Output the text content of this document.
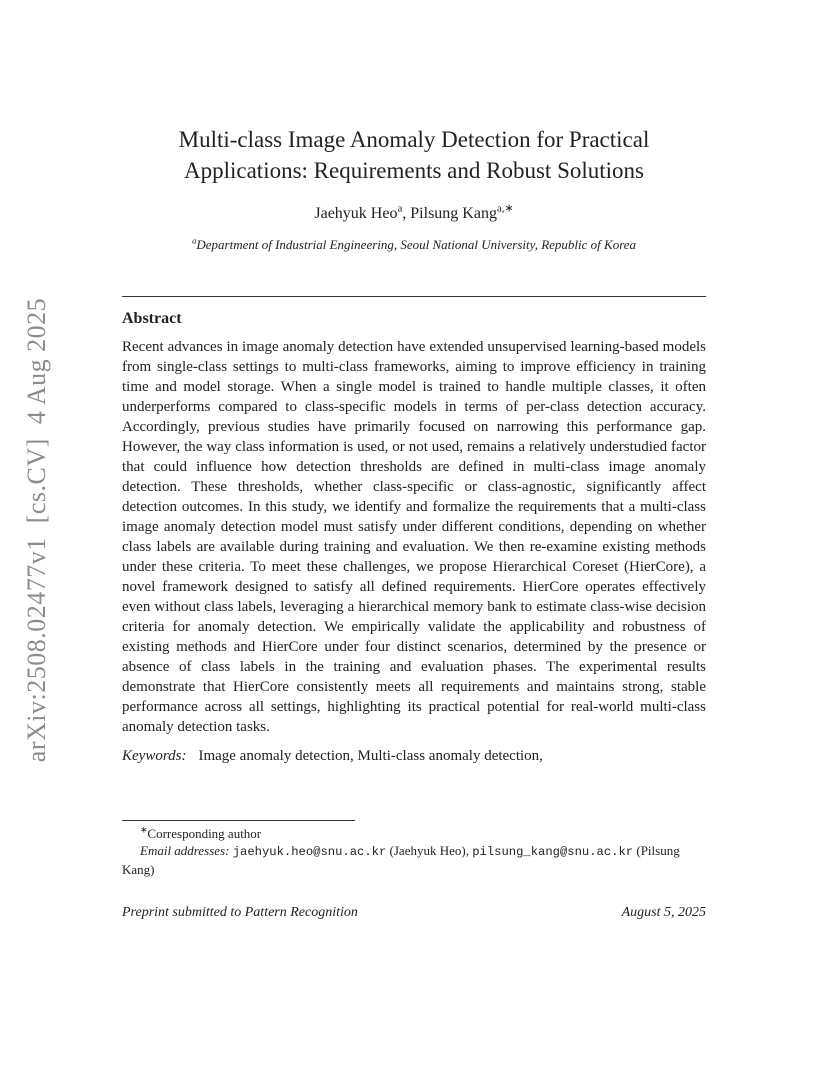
arXiv:2508.02477v1  [cs.CV]  4 Aug 2025
Multi-class Image Anomaly Detection for Practical
Applications: Requirements and Robust Solutions
Jaehyuk Heo$^a$, Pilsung Kang$^{a,∗}$
$^a$Department of Industrial Engineering, Seoul National University, Republic of Korea
Abstract

Recent advances in image anomaly detection have extended unsupervised learning-based models from single-class settings to multi-class frameworks, aiming to improve efficiency in training time and model storage. When a single model is trained to handle multiple classes, it often underperforms compared to class-specific models in terms of per-class detection accuracy. Accordingly, previous studies have primarily focused on narrowing this performance gap. However, the way class information is used, or not used, remains a relatively understudied factor that could influence how detection thresholds are defined in multi-class image anomaly detection. These thresholds, whether class-specific or class-agnostic, significantly affect detection outcomes. In this study, we identify and formalize the requirements that a multi-class image anomaly detection model must satisfy under different conditions, depending on whether class labels are available during training and evaluation. We then re-examine existing methods under these criteria. To meet these challenges, we propose Hierarchical Coreset (HierCore), a novel framework designed to satisfy all defined requirements. HierCore operates effectively even without class labels, leveraging a hierarchical memory bank to estimate class-wise decision criteria for anomaly detection. We empirically validate the applicability and robustness of existing methods and HierCore under four distinct scenarios, determined by the presence or absence of class labels in the training and evaluation phases. The experimental results demonstrate that HierCore consistently meets all requirements and maintains strong, stable performance across all settings, highlighting its practical potential for real-world multi-class anomaly detection tasks.

Keywords: Image anomaly detection, Multi-class anomaly detection,

∗Corresponding author

Email addresses: jaehyuk.heo@snu.ac.kr (Jaehyuk Heo), pilsung_kang@snu.ac.kr (Pilsung Kang)

Preprint submitted to Pattern Recognition	August 5, 2025
